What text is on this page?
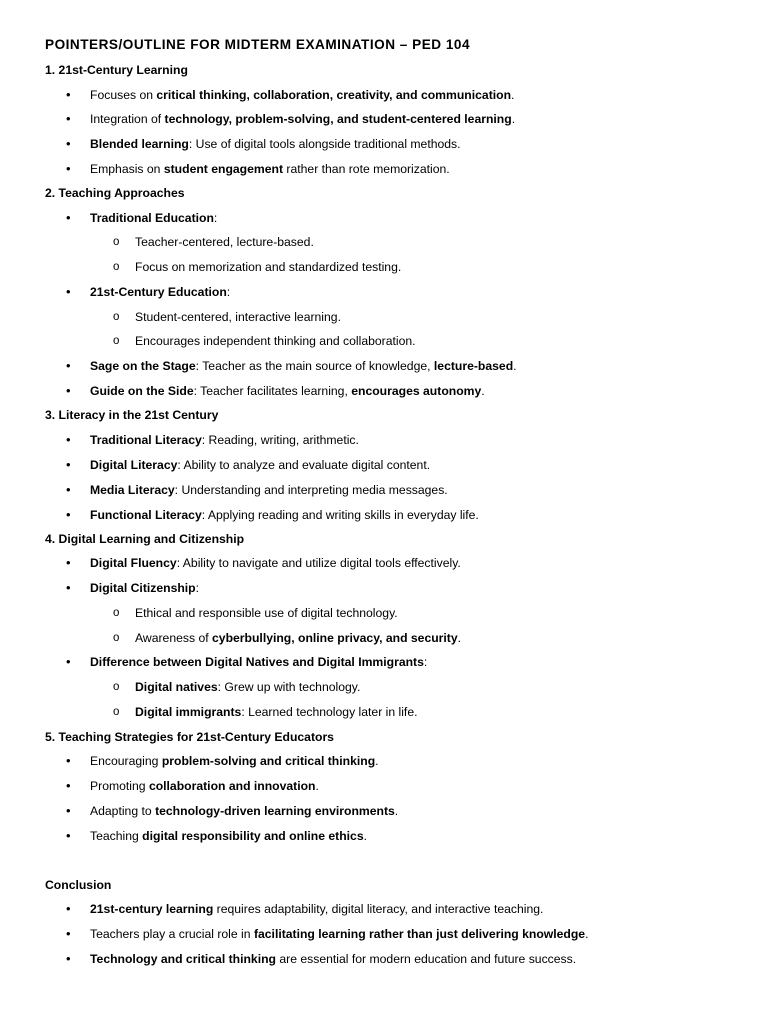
POINTERS/OUTLINE FOR MIDTERM EXAMINATION – PED 104
1. 21st-Century Learning
Focuses on critical thinking, collaboration, creativity, and communication.
•
Integration of technology, problem-solving, and student-centered learning.
•
Blended learning: Use of digital tools alongside traditional methods.
•
Emphasis on student engagement rather than rote memorization.
•
2. Teaching Approaches
Traditional Education:
•
Teacher-centered, lecture-based.
o
Focus on memorization and standardized testing.
o
21st-Century Education:
•
Student-centered, interactive learning.
o
Encourages independent thinking and collaboration.
o
Sage on the Stage: Teacher as the main source of knowledge, lecture-based.
•
Guide on the Side: Teacher facilitates learning, encourages autonomy.
•
3. Literacy in the 21st Century
Traditional Literacy: Reading, writing, arithmetic.
•
Digital Literacy: Ability to analyze and evaluate digital content.
•
Media Literacy: Understanding and interpreting media messages.
•
Functional Literacy: Applying reading and writing skills in everyday life.
•
4. Digital Learning and Citizenship
Digital Fluency: Ability to navigate and utilize digital tools effectively.
•
Digital Citizenship:
•
Ethical and responsible use of digital technology.
o
Awareness of cyberbullying, online privacy, and security.
o
Difference between Digital Natives and Digital Immigrants:
•
Digital natives: Grew up with technology.
o
Digital immigrants: Learned technology later in life.
o
5. Teaching Strategies for 21st-Century Educators
Encouraging problem-solving and critical thinking.
•
Promoting collaboration and innovation.
•
Adapting to technology-driven learning environments.
•
Teaching digital responsibility and online ethics.
•
Conclusion
21st-century learning requires adaptability, digital literacy, and interactive teaching.
•
Teachers play a crucial role in facilitating learning rather than just delivering knowledge.
•
Technology and critical thinking are essential for modern education and future success.
•
